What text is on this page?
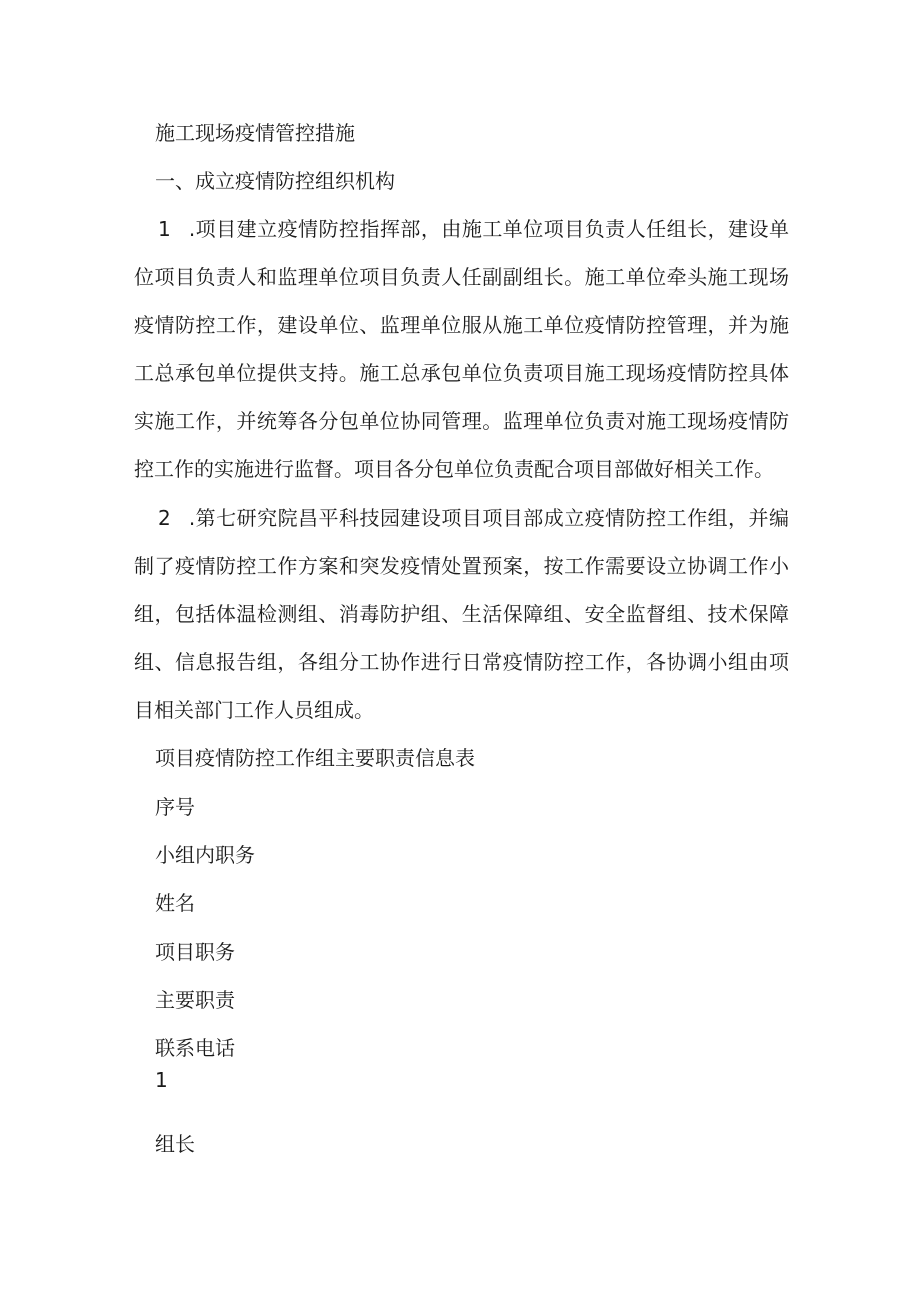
施工现场疫情管控措施
一、成立疫情防控组织机构
1 .项目建立疫情防控指挥部，由施工单位项目负责人任组长，建设单位项目负责人和监理单位项目负责人任副副组长。施工单位牵头施工现场疫情防控工作，建设单位、监理单位服从施工单位疫情防控管理，并为施工总承包单位提供支持。施工总承包单位负责项目施工现场疫情防控具体实施工作，并统筹各分包单位协同管理。监理单位负责对施工现场疫情防控工作的实施进行监督。项目各分包单位负责配合项目部做好相关工作。
2 .第七研究院昌平科技园建设项目项目部成立疫情防控工作组，并编制了疫情防控工作方案和突发疫情处置预案，按工作需要设立协调工作小组，包括体温检测组、消毒防护组、生活保障组、安全监督组、技术保障组、信息报告组，各组分工协作进行日常疫情防控工作，各协调小组由项目相关部门工作人员组成。
项目疫情防控工作组主要职责信息表
序号
小组内职务
姓名
项目职务
主要职责
联系电话
1
组长
